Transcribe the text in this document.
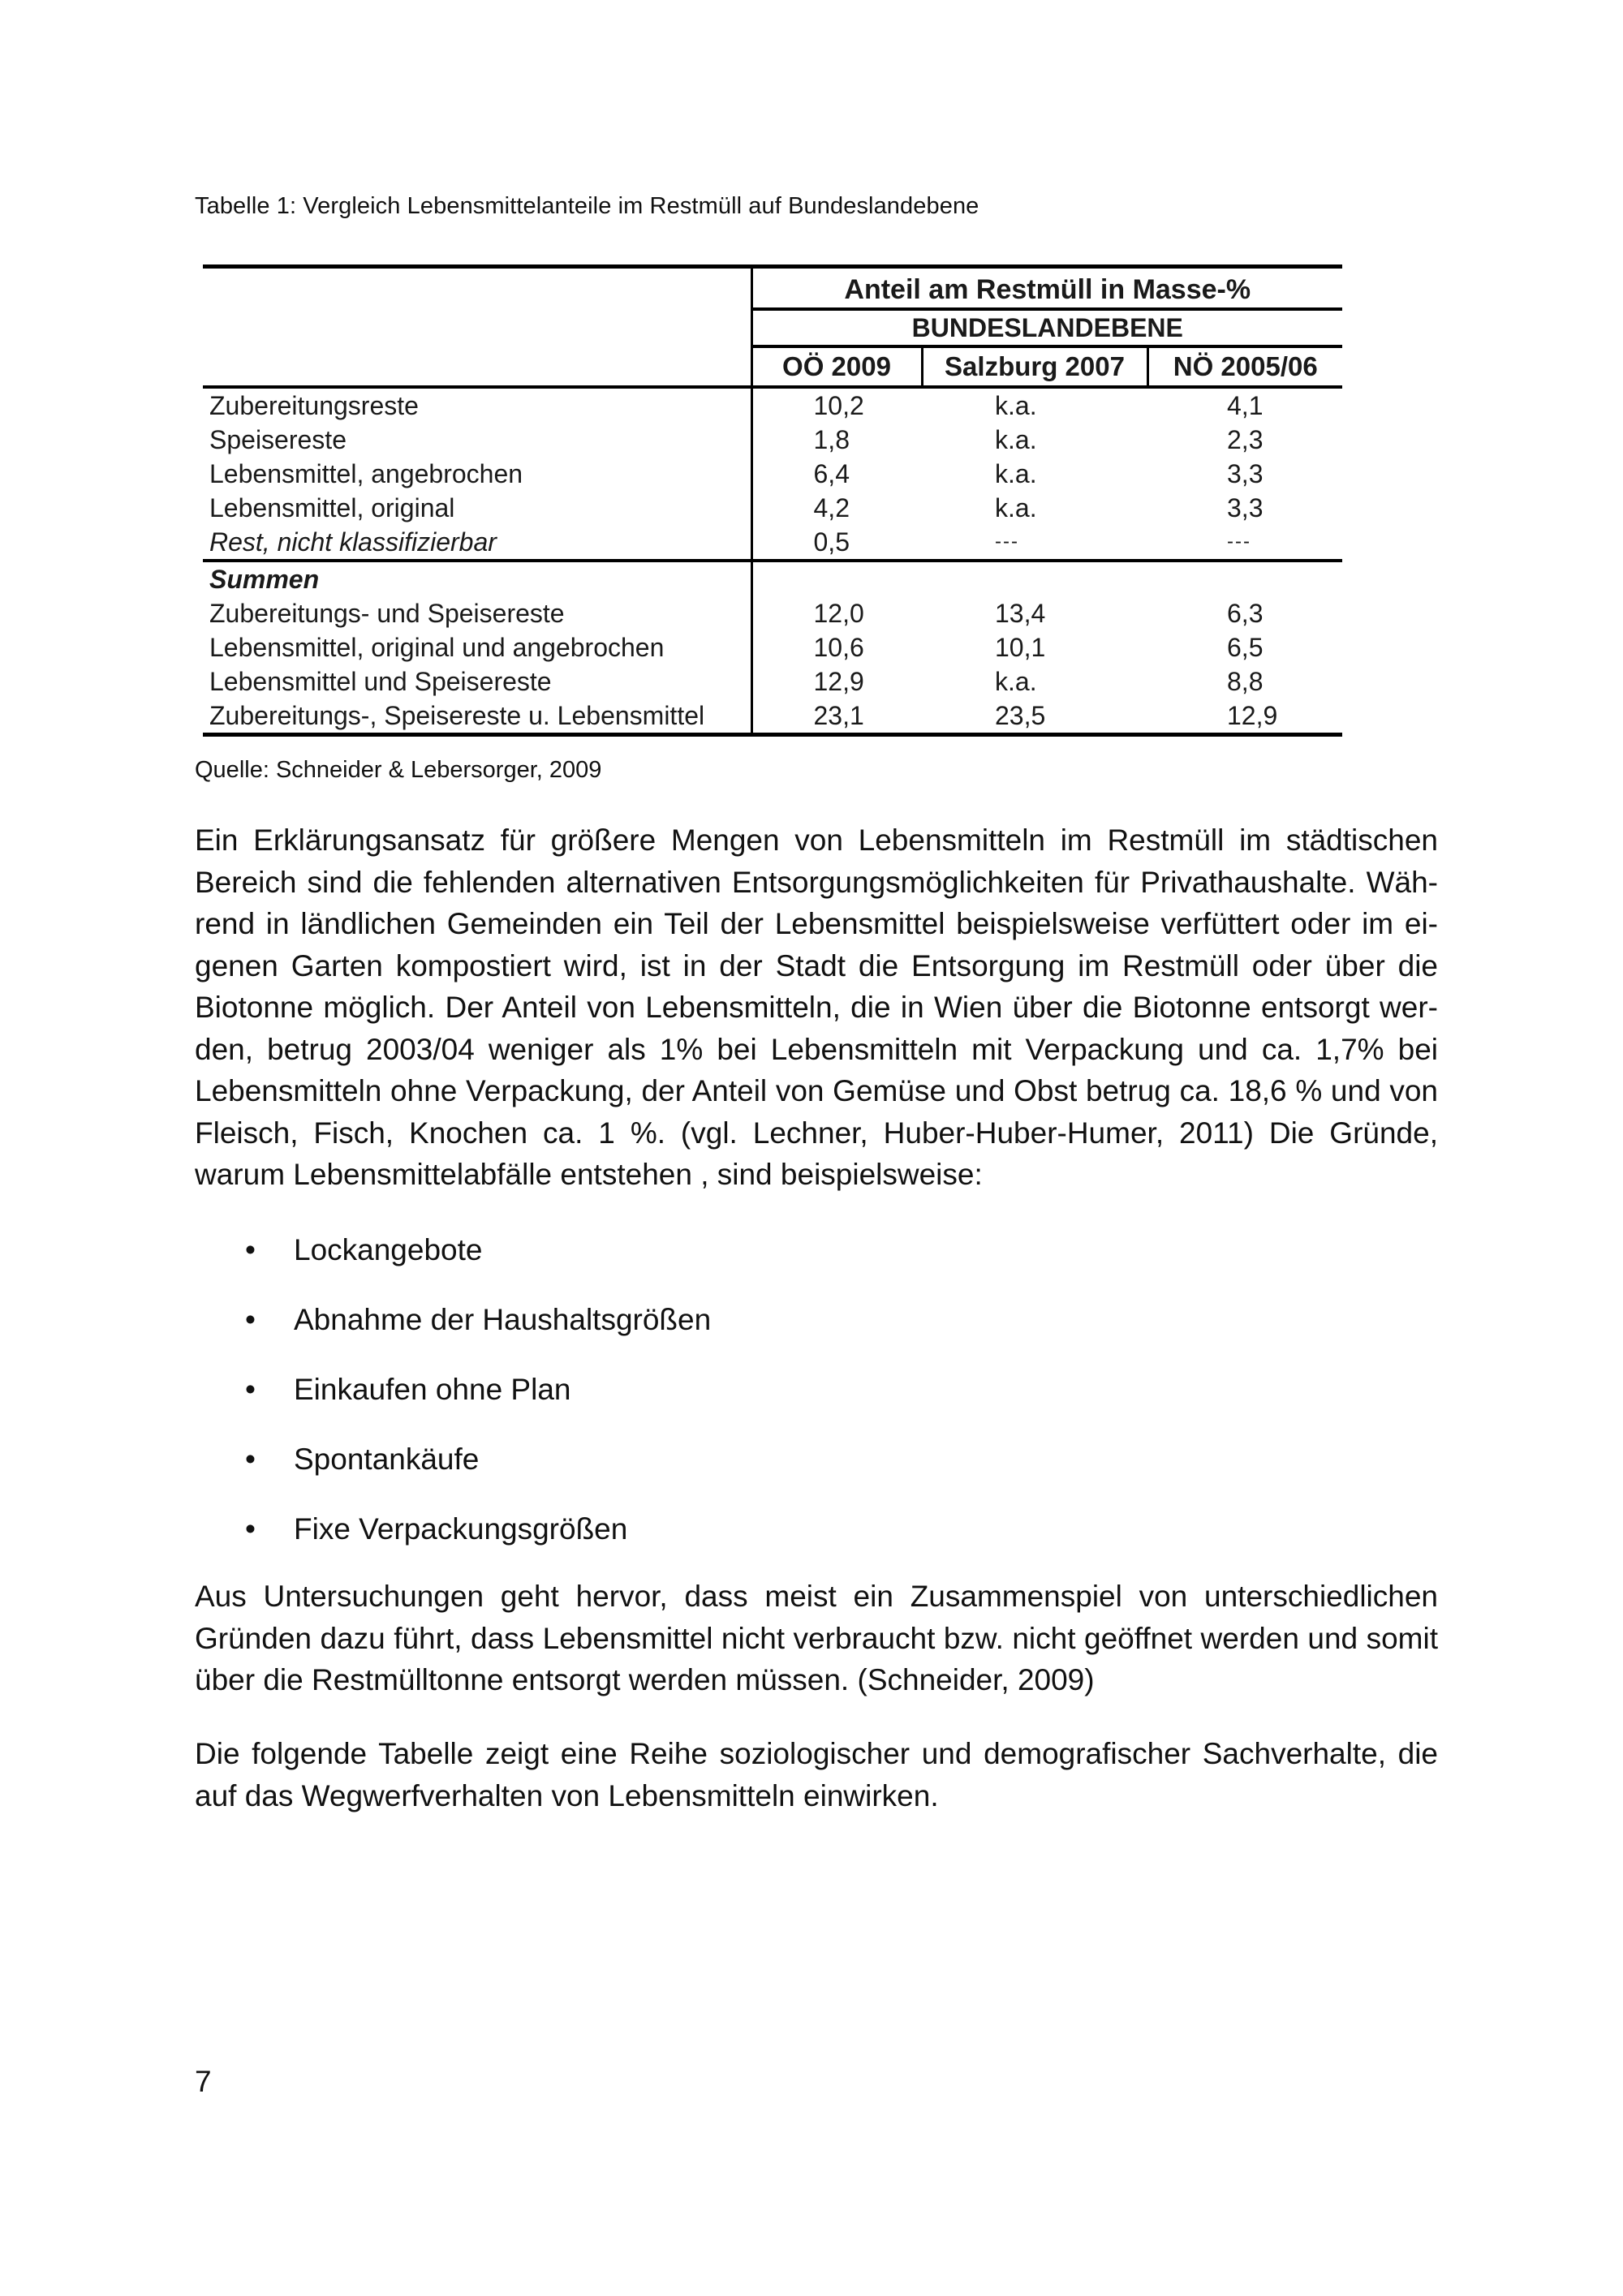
Tabelle 1: Vergleich Lebensmittelanteile im Restmüll auf Bundeslandebene
	Anteil am Restmüll in Masse-%		
	BUNDESLANDEBENE		
	OÖ 2009	Salzburg 2007	NÖ 2005/06
Zubereitungsreste	10,2	k.a.	4,1
Speisereste	1,8	k.a.	2,3
Lebensmittel, angebrochen	6,4	k.a.	3,3
Lebensmittel, original	4,2	k.a.	3,3
Rest, nicht klassifizierbar	0,5	---	---
Summen			
Zubereitungs- und Speisereste	12,0	13,4	6,3
Lebensmittel, original und angebrochen	10,6	10,1	6,5
Lebensmittel und Speisereste	12,9	k.a.	8,8
Zubereitungs-, Speisereste u. Lebensmittel	23,1	23,5	12,9
Quelle: Schneider & Lebersorger, 2009

Ein Erklärungsansatz für größere Mengen von Lebensmitteln im Restmüll im städtischen Bereich sind die fehlenden alternativen Entsorgungsmöglichkeiten für Privathaushalte. Während in ländlichen Gemeinden ein Teil der Lebensmittel beispielsweise verfüttert oder im eigenen Garten kompostiert wird, ist in der Stadt die Entsorgung im Restmüll oder über die Biotonne möglich. Der Anteil von Lebensmitteln, die in Wien über die Biotonne entsorgt werden, betrug 2003/04 weniger als 1% bei Lebensmitteln mit Verpackung und ca. 1,7% bei Lebensmitteln ohne Verpackung, der Anteil von Gemüse und Obst betrug ca. 18,6 % und von Fleisch, Fisch, Knochen ca. 1 %. (vgl. Lechner, Huber-Huber-Humer, 2011) Die Gründe, warum Lebensmittelabfälle entstehen , sind beispielsweise:

• Lockangebote
• Abnahme der Haushaltsgrößen
• Einkaufen ohne Plan
• Spontankäufe
• Fixe Verpackungsgrößen

Aus Untersuchungen geht hervor, dass meist ein Zusammenspiel von unterschiedlichen Gründen dazu führt, dass Lebensmittel nicht verbraucht bzw. nicht geöffnet werden und somit über die Restmülltonne entsorgt werden müssen. (Schneider, 2009)

Die folgende Tabelle zeigt eine Reihe soziologischer und demografischer Sachverhalte, die auf das Wegwerfverhalten von Lebensmitteln einwirken.

7
